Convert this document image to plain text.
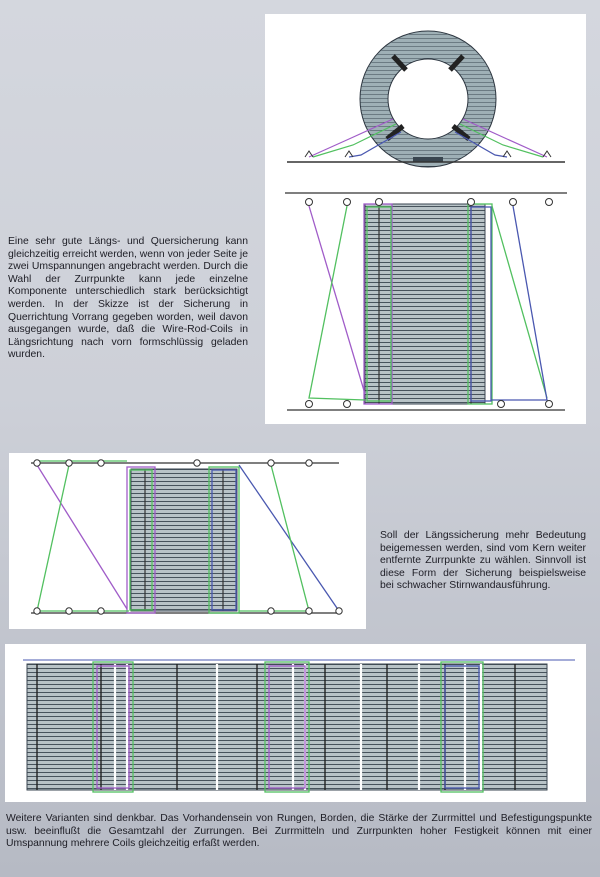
Eine sehr gute Längs- und Quersicherung kann gleichzeitig erreicht werden, wenn von jeder Seite je zwei Umspannungen angebracht werden. Durch die Wahl der Zurrpunkte kann jede einzelne Komponente unterschiedlich stark berücksichtigt werden. In der Skizze ist der Sicherung in Querrichtung Vorrang gegeben worden, weil davon ausgegangen wurde, daß die Wire-Rod-Coils in Längsrichtung nach vorn formschlüssig geladen wurden.

Soll der Längssicherung mehr Bedeutung beigemessen werden, sind vom Kern weiter entfernte Zurrpunkte zu wählen. Sinnvoll ist diese Form der Sicherung beispielsweise bei schwacher Stirnwandausführung.

Weitere Varianten sind denkbar. Das Vorhandensein von Rungen, Borden, die Stärke der Zurrmittel und Befestigungspunkte usw. beeinflußt die Gesamtzahl der Zurrungen. Bei Zurrmitteln und Zurrpunkten hoher Festigkeit können mit einer Umspannung mehrere Coils gleichzeitig erfaßt werden.
